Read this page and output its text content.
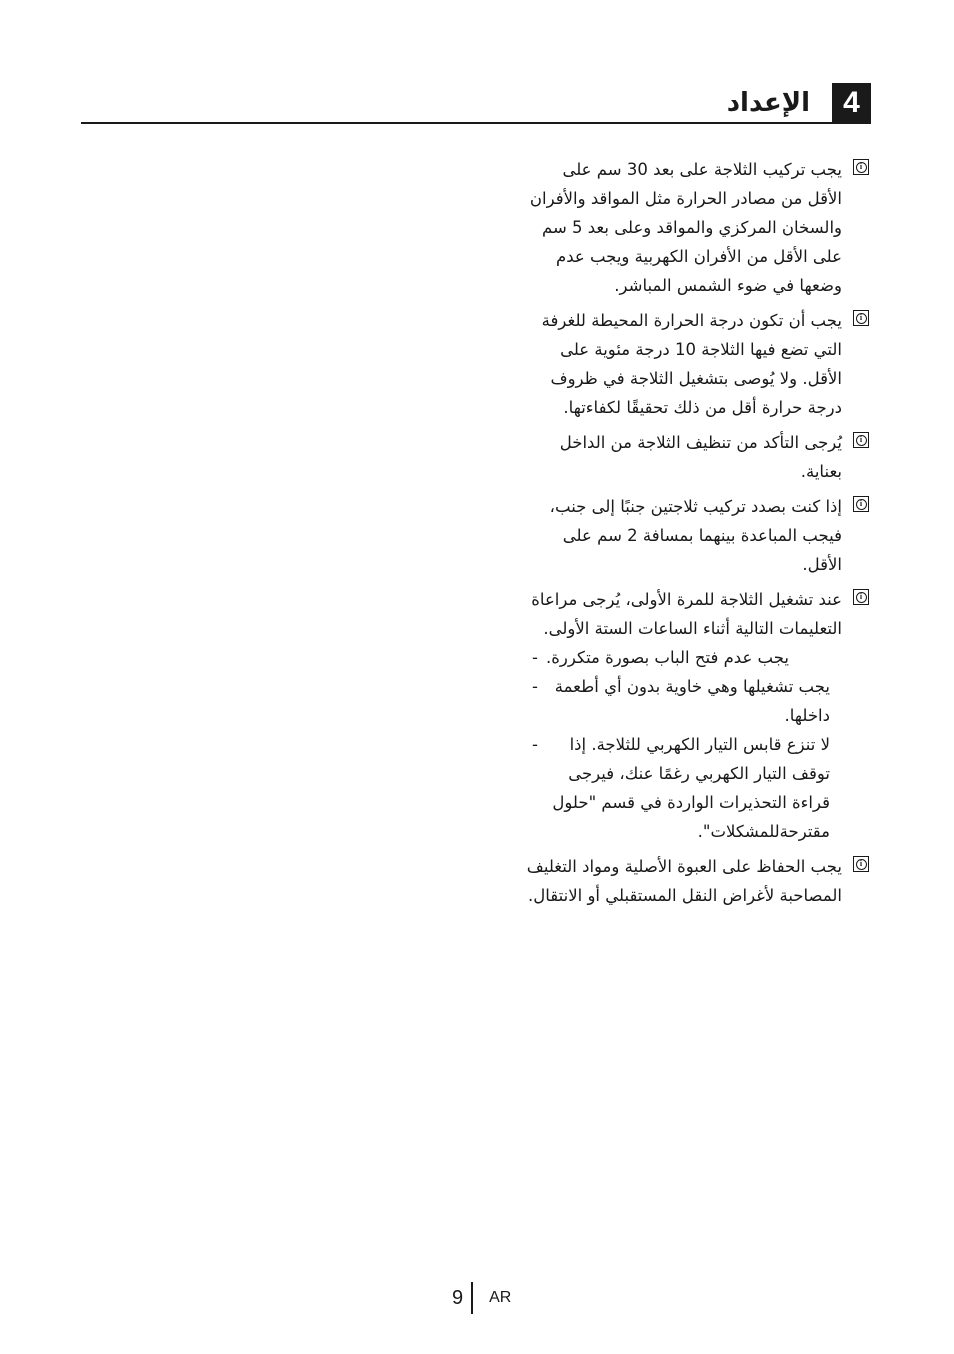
4
الإعداد
i
يجب تركيب الثلاجة على بعد 30 سم على الأقل من مصادر الحرارة مثل المواقد والأفران والسخان المركزي والمواقد وعلى بعد 5 سم على الأقل من الأفران الكهربية ويجب عدم وضعها في ضوء الشمس المباشر.
i
يجب أن تكون درجة الحرارة المحيطة للغرفة التي تضع فيها الثلاجة 10 درجة مئوية على الأقل. ولا يُوصى بتشغيل الثلاجة في ظروف درجة حرارة أقل من ذلك تحقيقًا لكفاءتها.
i
يُرجى التأكد من تنظيف الثلاجة من الداخل بعناية.
i
إذا كنت بصدد تركيب ثلاجتين جنبًا إلى جنب، فيجب المباعدة بينهما بمسافة 2 سم على الأقل.
i
عند تشغيل الثلاجة للمرة الأولى، يُرجى مراعاة التعليمات التالية أثناء الساعات الستة الأولى.
- يجب عدم فتح الباب بصورة متكررة.
-	يجب تشغيلها وهي خاوية بدون أي أطعمة داخلها.
-	لا تنزع قابس التيار الكهربي للثلاجة. إذا توقف التيار الكهربي رغمًا عنك، فيرجى قراءة التحذيرات الواردة في قسم "حلول مقترحةللمشكلات".
i
يجب الحفاظ على العبوة الأصلية ومواد التغليف المصاحبة لأغراض النقل المستقبلي أو الانتقال.
9 AR
